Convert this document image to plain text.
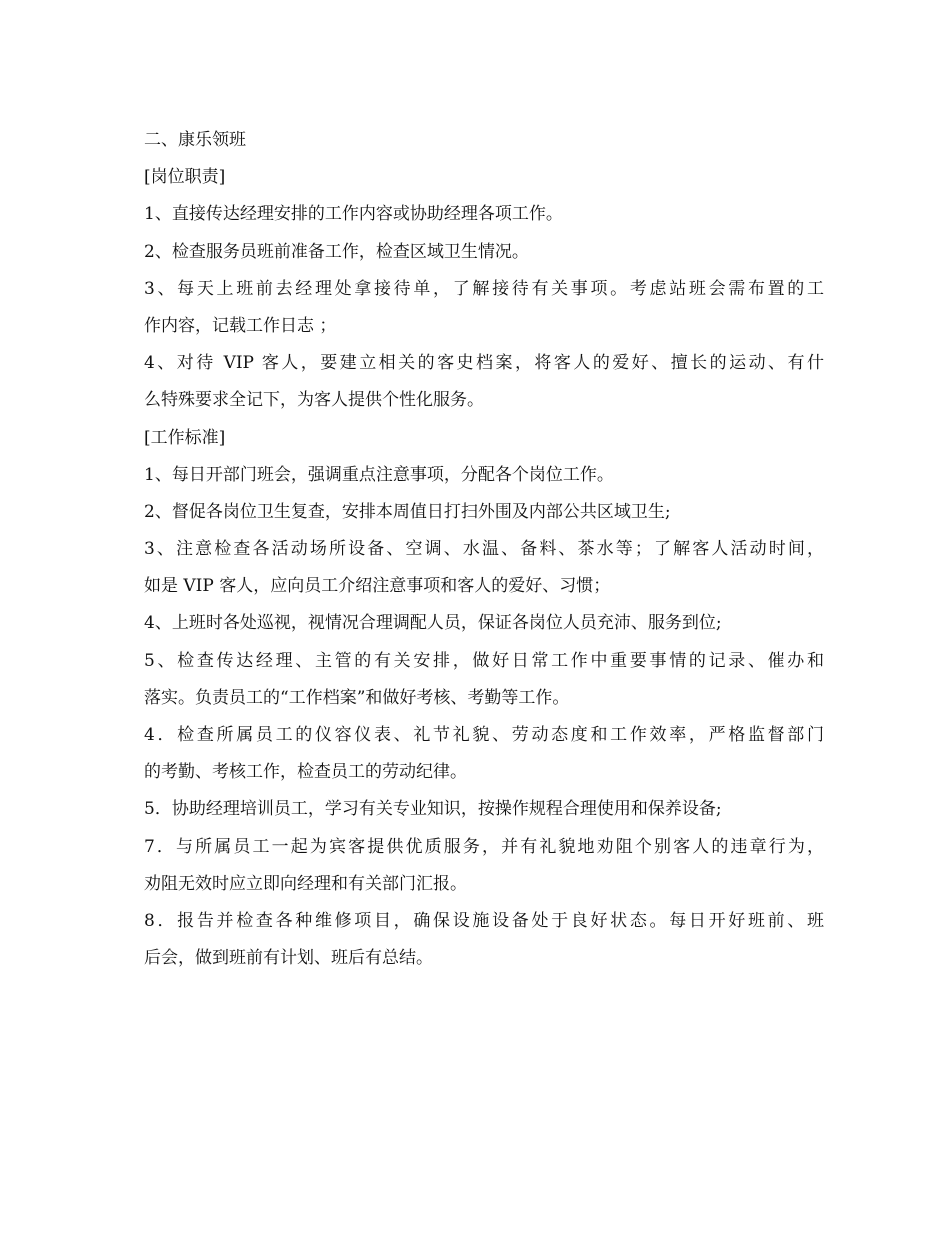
二、康乐领班
[岗位职责]
1、直接传达经理安排的工作内容或协助经理各项工作。
2、检查服务员班前准备工作，检查区域卫生情况。
3、每天上班前去经理处拿接待单，了解接待有关事项。考虑站班会需布置的工
作内容，记载工作日志 ；
4、对待 VIP 客人，要建立相关的客史档案，将客人的爱好、擅长的运动、有什
么特殊要求全记下，为客人提供个性化服务。
[工作标准]
1、每日开部门班会，强调重点注意事项，分配各个岗位工作。
2、督促各岗位卫生复查，安排本周值日打扫外围及内部公共区域卫生;
3、注意检查各活动场所设备、空调、水温、备料、茶水等；了解客人活动时间，
如是 VIP 客人，应向员工介绍注意事项和客人的爱好、习惯；
4、上班时各处巡视，视情况合理调配人员，保证各岗位人员充沛、服务到位;
5、检查传达经理、主管的有关安排，做好日常工作中重要事情的记录、催办和
落实。负责员工的“工作档案”和做好考核、考勤等工作。
4．检查所属员工的仪容仪表、礼节礼貌、劳动态度和工作效率，严格监督部门
的考勤、考核工作，检查员工的劳动纪律。
5．协助经理培训员工，学习有关专业知识，按操作规程合理使用和保养设备;
7．与所属员工一起为宾客提供优质服务，并有礼貌地劝阻个别客人的违章行为，
劝阻无效时应立即向经理和有关部门汇报。
8．报告并检查各种维修项目，确保设施设备处于良好状态。每日开好班前、班
后会，做到班前有计划、班后有总结。
